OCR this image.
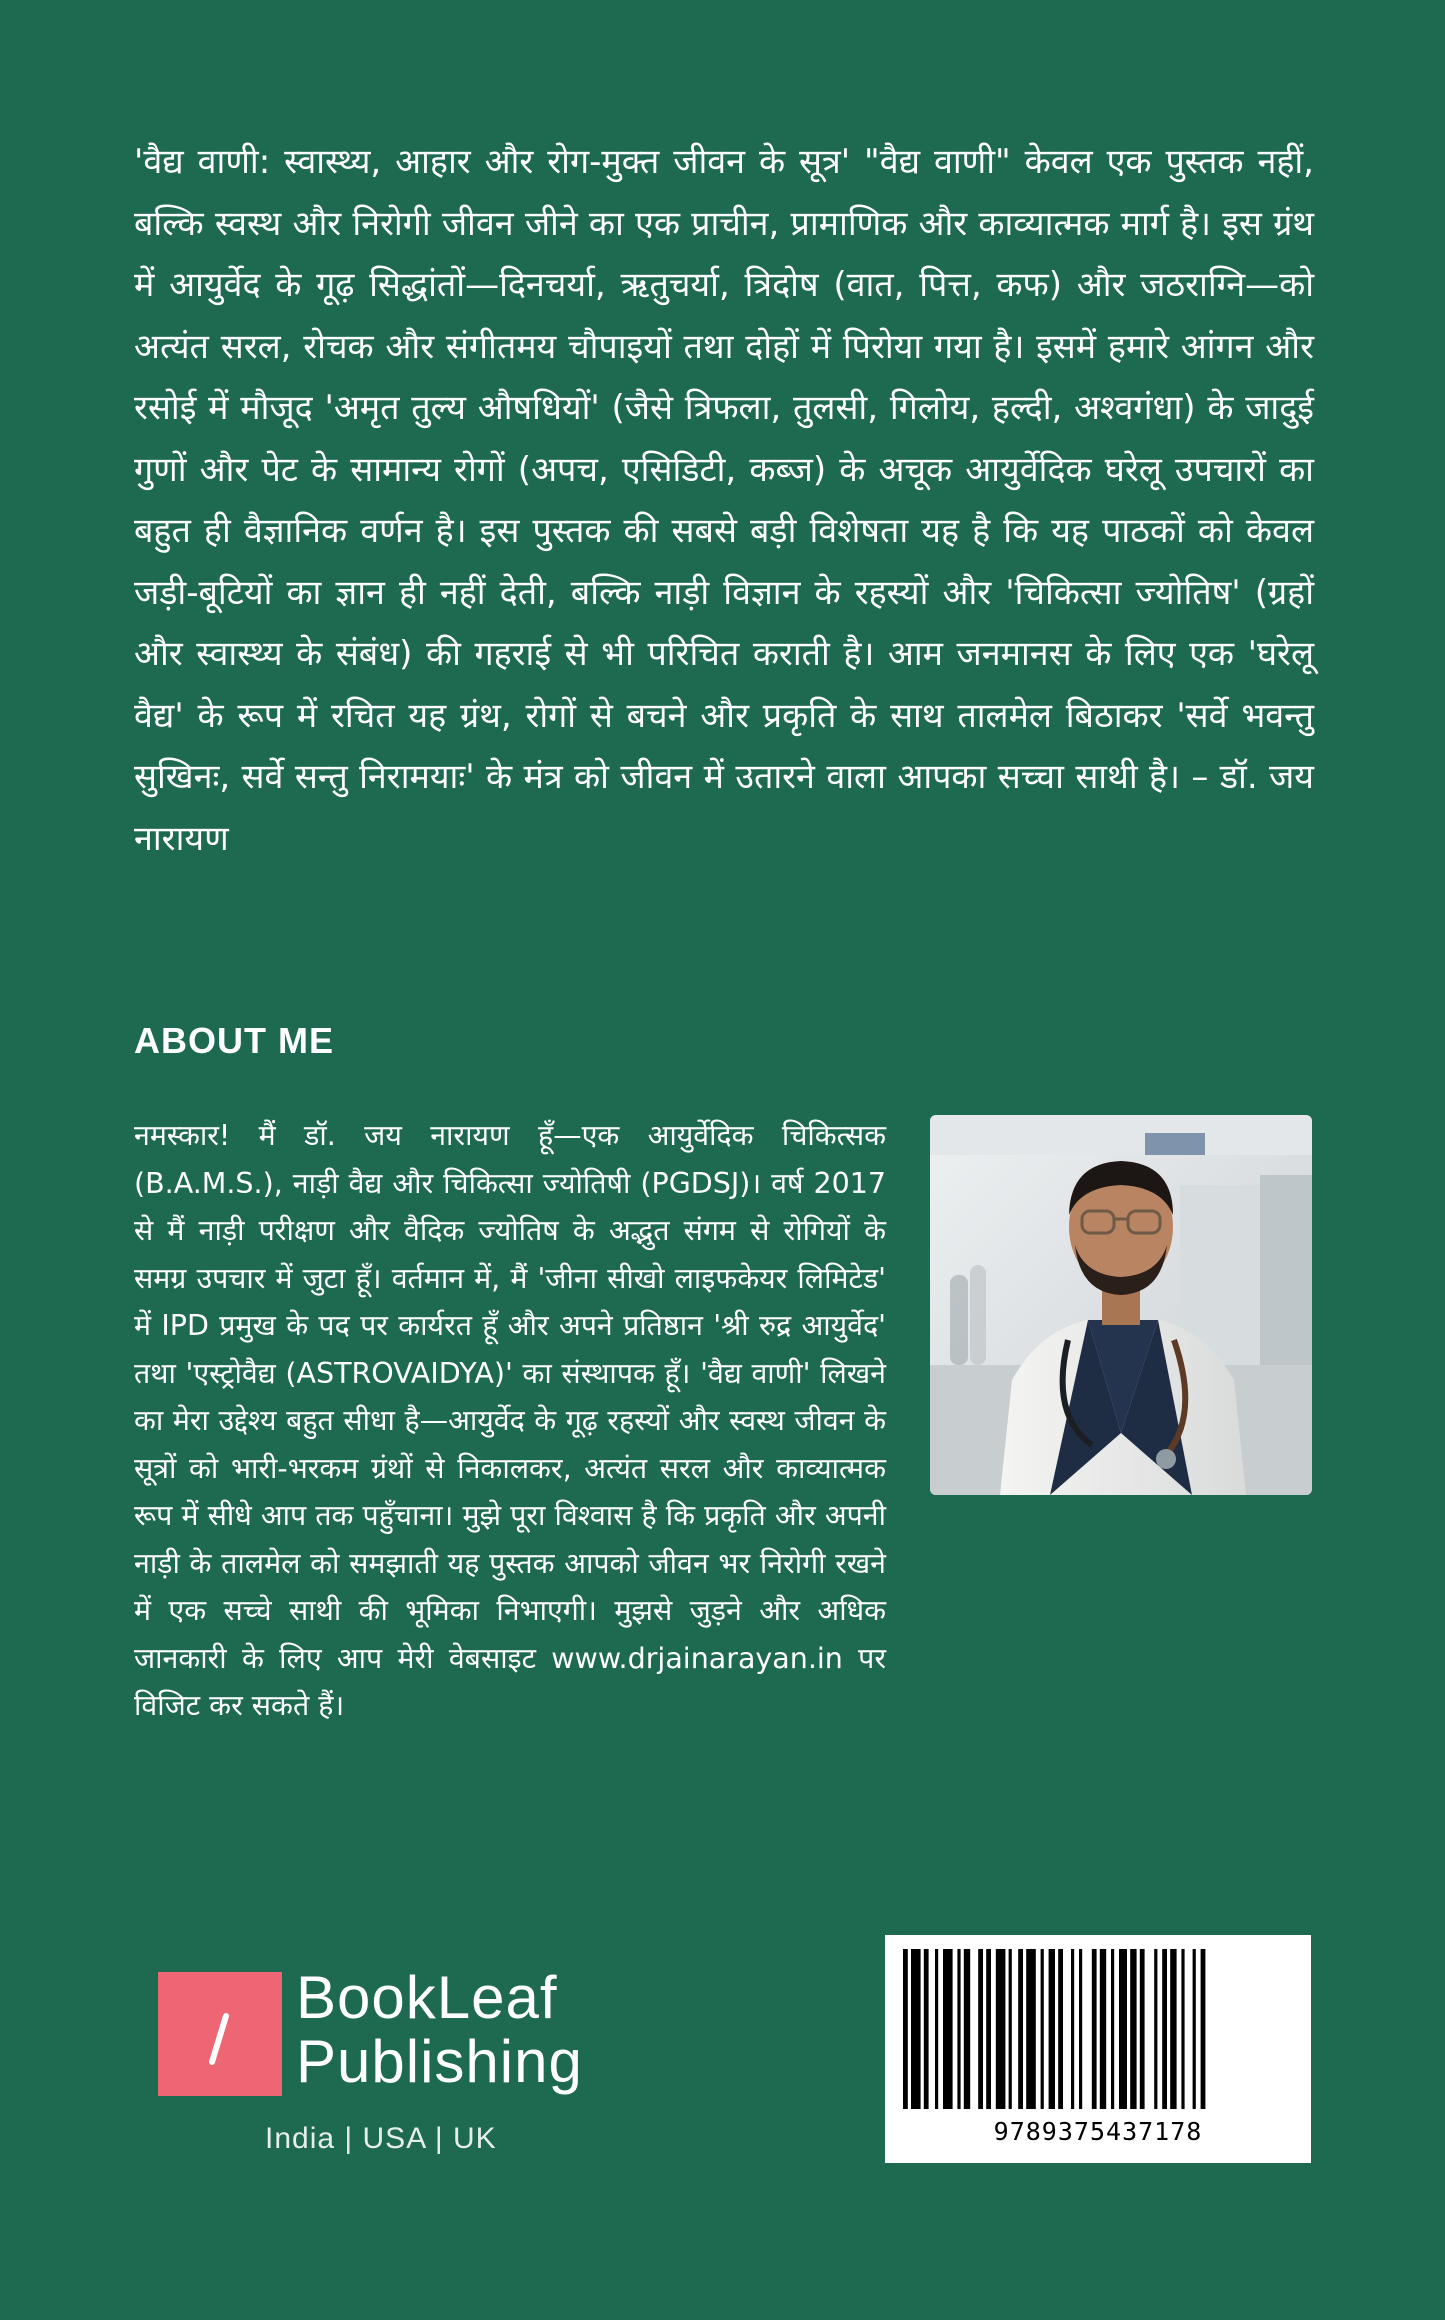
'वैद्य वाणी: स्वास्थ्य, आहार और रोग-मुक्त जीवन के सूत्र' "वैद्य वाणी" केवल एक पुस्तक नहीं, बल्कि स्वस्थ और निरोगी जीवन जीने का एक प्राचीन, प्रामाणिक और काव्यात्मक मार्ग है। इस ग्रंथ में आयुर्वेद के गूढ़ सिद्धांतों—दिनचर्या, ऋतुचर्या, त्रिदोष (वात, पित्त, कफ) और जठराग्नि—को अत्यंत सरल, रोचक और संगीतमय चौपाइयों तथा दोहों में पिरोया गया है। इसमें हमारे आंगन और रसोई में मौजूद 'अमृत तुल्य औषधियों' (जैसे त्रिफला, तुलसी, गिलोय, हल्दी, अश्वगंधा) के जादुई गुणों और पेट के सामान्य रोगों (अपच, एसिडिटी, कब्ज) के अचूक आयुर्वेदिक घरेलू उपचारों का बहुत ही वैज्ञानिक वर्णन है। इस पुस्तक की सबसे बड़ी विशेषता यह है कि यह पाठकों को केवल जड़ी-बूटियों का ज्ञान ही नहीं देती, बल्कि नाड़ी विज्ञान के रहस्यों और 'चिकित्सा ज्योतिष' (ग्रहों और स्वास्थ्य के संबंध) की गहराई से भी परिचित कराती है। आम जनमानस के लिए एक 'घरेलू वैद्य' के रूप में रचित यह ग्रंथ, रोगों से बचने और प्रकृति के साथ तालमेल बिठाकर 'सर्वे भवन्तु सुखिनः, सर्वे सन्तु निरामयाः' के मंत्र को जीवन में उतारने वाला आपका सच्चा साथी है। – डॉ. जय नारायण

ABOUT ME

नमस्कार! मैं डॉ. जय नारायण हूँ—एक आयुर्वेदिक चिकित्सक (B.A.M.S.), नाड़ी वैद्य और चिकित्सा ज्योतिषी (PGDSJ)। वर्ष 2017 से मैं नाड़ी परीक्षण और वैदिक ज्योतिष के अद्भुत संगम से रोगियों के समग्र उपचार में जुटा हूँ। वर्तमान में, मैं 'जीना सीखो लाइफकेयर लिमिटेड' में IPD प्रमुख के पद पर कार्यरत हूँ और अपने प्रतिष्ठान 'श्री रुद्र आयुर्वेद' तथा 'एस्ट्रोवैद्य (ASTROVAIDYA)' का संस्थापक हूँ। 'वैद्य वाणी' लिखने का मेरा उद्देश्य बहुत सीधा है—आयुर्वेद के गूढ़ रहस्यों और स्वस्थ जीवन के सूत्रों को भारी-भरकम ग्रंथों से निकालकर, अत्यंत सरल और काव्यात्मक रूप में सीधे आप तक पहुँचाना। मुझे पूरा विश्वास है कि प्रकृति और अपनी नाड़ी के तालमेल को समझाती यह पुस्तक आपको जीवन भर निरोगी रखने में एक सच्चे साथी की भूमिका निभाएगी। मुझसे जुड़ने और अधिक जानकारी के लिए आप मेरी वेबसाइट www.drjainarayan.in पर विजिट कर सकते हैं।

BookLeaf
Publishing
India | USA | UK	9789375437178
